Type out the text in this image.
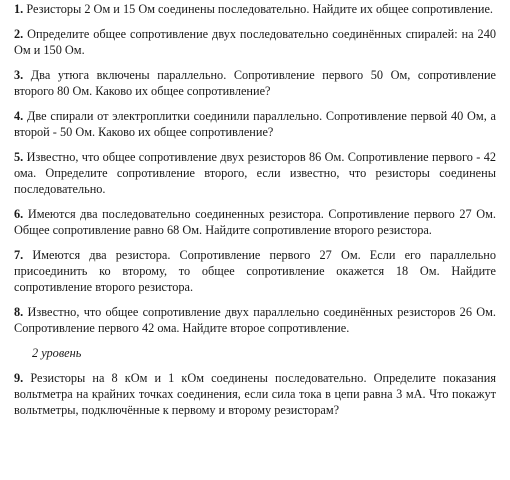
1. Резисторы 2 Ом и 15 Ом соединены последовательно. Найдите их общее сопротивление.

2. Определите общее сопротивление двух последовательно соединённых спиралей: на 240 Ом и 150 Ом.

3. Два утюга включены параллельно. Сопротивление первого 50 Ом, сопротивление второго 80 Ом. Каково их общее сопротивление?

4. Две спирали от электроплитки соединили параллельно. Сопротивление первой 40 Ом, а второй - 50 Ом. Каково их общее сопротивление?

5. Известно, что общее сопротивление двух резисторов 86 Ом. Сопротивление первого - 42 ома. Определите сопротивление второго, если известно, что резисторы соединены последовательно.

6. Имеются два последовательно соединенных резистора. Сопротивление первого 27 Ом. Общее сопротивление равно 68 Ом. Найдите сопротивление второго резистора.

7. Имеются два резистора. Сопротивление первого 27 Ом. Если его параллельно присоединить ко второму, то общее сопротивление окажется 18 Ом. Найдите сопротивление второго резистора.

8. Известно, что общее сопротивление двух параллельно соединённых резисторов 26 Ом. Сопротивление первого 42 ома. Найдите второе сопротивление.

2 уровень

9. Резисторы на 8 кОм и 1 кОм соединены последовательно. Определите показания вольтметра на крайних точках соединения, если сила тока в цепи равна 3 мА. Что покажут вольтметры, подключённые к первому и второму резисторам?
